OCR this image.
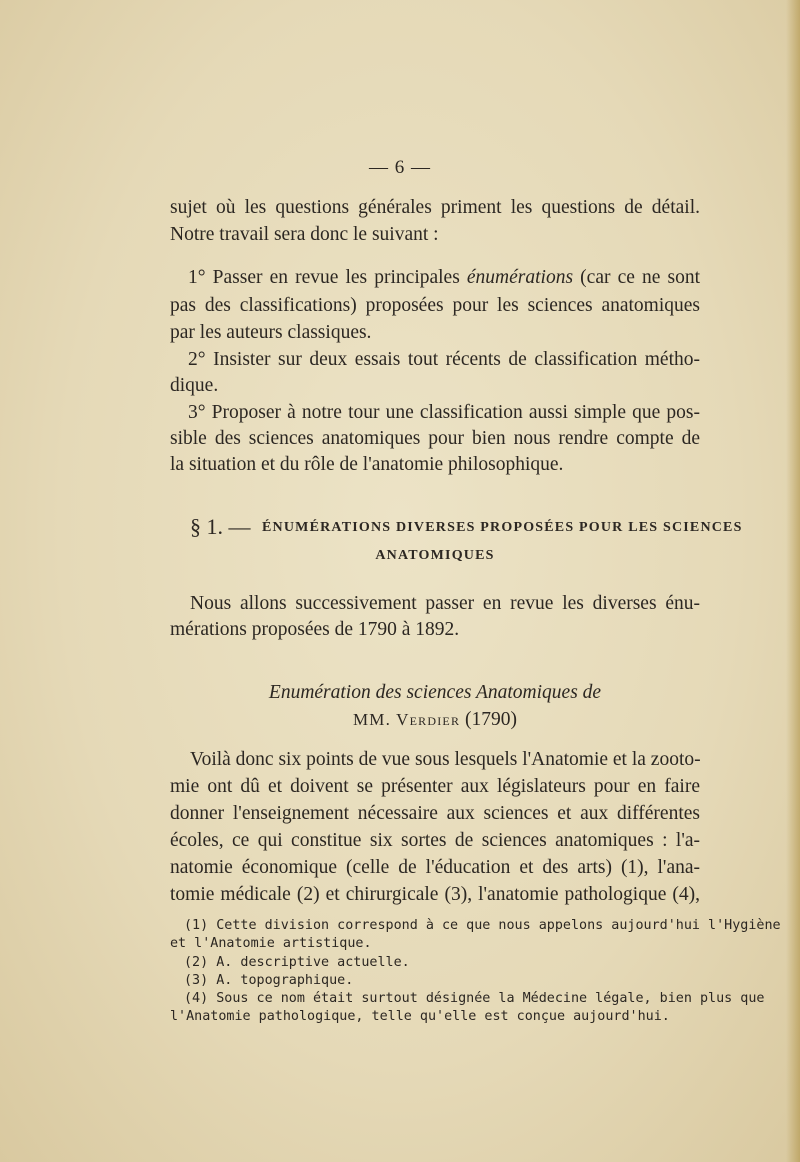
— 6 —
sujet où les questions générales priment les questions de détail.
Notre travail sera donc le suivant :
1° Passer en revue les principales énumérations (car ce ne sont
pas des classifications) proposées pour les sciences anatomiques
par les auteurs classiques.
2° Insister sur deux essais tout récents de classification métho-
dique.
3° Proposer à notre tour une classification aussi simple que pos-
sible des sciences anatomiques pour bien nous rendre compte de
la situation et du rôle de l'anatomie philosophique.
§ 1. — ÉNUMÉRATIONS DIVERSES PROPOSÉES POUR LES SCIENCES
ANATOMIQUES
Nous allons successivement passer en revue les diverses énu-
mérations proposées de 1790 à 1892.
Enumération des sciences Anatomiques de
MM. Verdier (1790)
Voilà donc six points de vue sous lesquels l'Anatomie et la zooto-
mie ont dû et doivent se présenter aux législateurs pour en faire
donner l'enseignement nécessaire aux sciences et aux différentes
écoles, ce qui constitue six sortes de sciences anatomiques : l'a-
natomie économique (celle de l'éducation et des arts) (1), l'ana-
tomie médicale (2) et chirurgicale (3), l'anatomie pathologique (4),
(1) Cette division correspond à ce que nous appelons aujourd'hui l'Hygiène
et l'Anatomie artistique.
(2) A. descriptive actuelle.
(3) A. topographique.
(4) Sous ce nom était surtout désignée la Médecine légale, bien plus que
l'Anatomie pathologique, telle qu'elle est conçue aujourd'hui.
